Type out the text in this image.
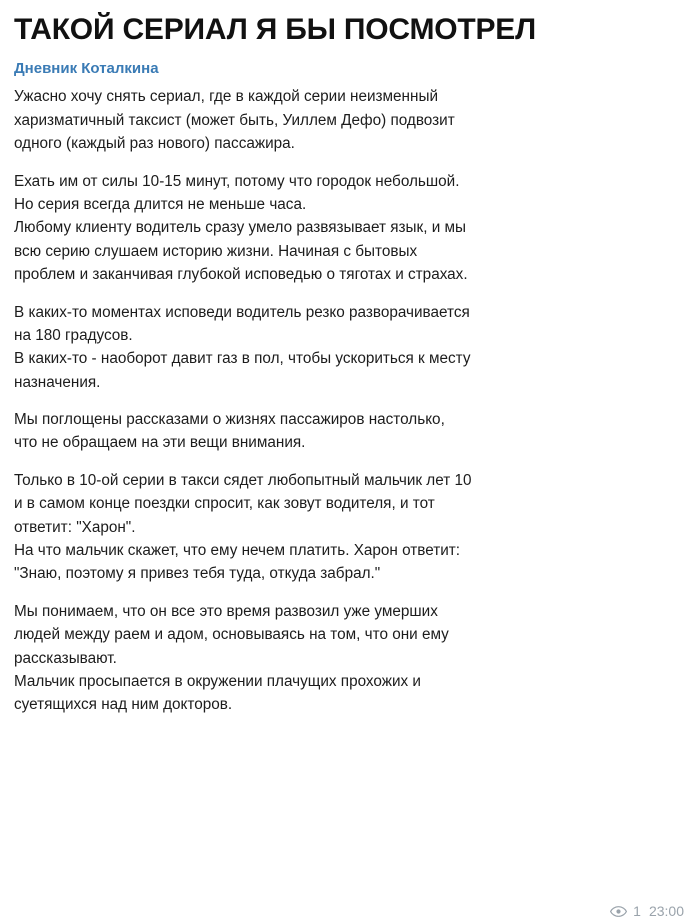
ТАКОЙ СЕРИАЛ Я БЫ ПОСМОТРЕЛ
Дневник Коталкина
Ужасно хочу снять сериал, где в каждой серии неизменный
харизматичный таксист (может быть, Уиллем Дефо) подвозит
одного (каждый раз нового) пассажира.
Ехать им от силы 10-15 минут, потому что городок небольшой.
Но серия всегда длится не меньше часа.
Любому клиенту водитель сразу умело развязывает язык, и мы
всю серию слушаем историю жизни. Начиная с бытовых
проблем и заканчивая глубокой исповедью о тяготах и страхах.
В каких-то моментах исповеди водитель резко разворачивается
на 180 градусов.
В каких-то - наоборот давит газ в пол, чтобы ускориться к месту
назначения.
Мы поглощены рассказами о жизнях пассажиров настолько,
что не обращаем на эти вещи внимания.
Только в 10-ой серии в такси сядет любопытный мальчик лет 10
и в самом конце поездки спросит, как зовут водителя, и тот
ответит: "Харон".
На что мальчик скажет, что ему нечем платить. Харон ответит:
"Знаю, поэтому я привез тебя туда, откуда забрал."
Мы понимаем, что он все это время развозил уже умерших
людей между раем и адом, основываясь на том, что они ему
рассказывают.
Мальчик просыпается в окружении плачущих прохожих и
суетящихся над ним докторов.
1 23:00
